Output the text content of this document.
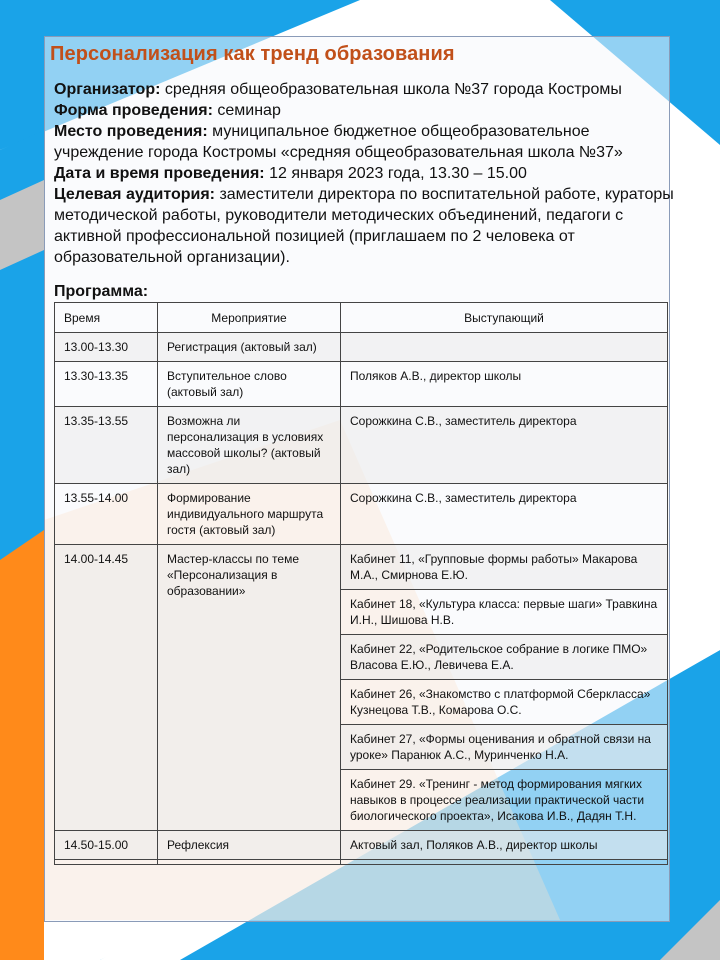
Персонализация как тренд образования

Организатор: средняя общеобразовательная школа №37 города Костромы

Форма проведения: семинар

Место проведения: муниципальное бюджетное общеобразовательное учреждение города Костромы «средняя общеобразовательная школа №37»

Дата и время проведения: 12 января 2023 года, 13.30 – 15.00

Целевая аудитория: заместители директора по воспитательной работе, кураторы методической работы, руководители методических объединений, педагоги с активной профессиональной позицией (приглашаем по 2 человека от образовательной организации).

Программа:
Время	Мероприятие	Выступающий
13.00-13.30	Регистрация (актовый зал)	
13.30-13.35	Вступительное слово (актовый зал)	Поляков А.В., директор школы
13.35-13.55	Возможна ли персонализация в условиях массовой школы? (актовый зал)	Сорожкина С.В., заместитель директора
13.55-14.00	Формирование индивидуального маршрута гостя (актовый зал)	Сорожкина С.В., заместитель директора
14.00-14.45	Мастер-классы по теме «Персонализация в образовании»	Кабинет 11, «Групповые формы работы» Макарова М.А., Смирнова Е.Ю.
		Кабинет 18, «Культура класса: первые шаги» Травкина И.Н., Шишова Н.В.
		Кабинет 22, «Родительское собрание в логике ПМО» Власова Е.Ю., Левичева Е.А.
		Кабинет 26, «Знакомство с платформой Сберкласса» Кузнецова Т.В., Комарова О.С.
		Кабинет 27, «Формы оценивания и обратной связи на уроке» Паранюк А.С., Муринченко Н.А.
		Кабинет 29. «Тренинг - метод формирования мягких навыков в процессе реализации практической части биологического проекта», Исакова И.В., Дадян Т.Н.
14.50-15.00	Рефлексия	Актовый зал, Поляков А.В., директор школы
